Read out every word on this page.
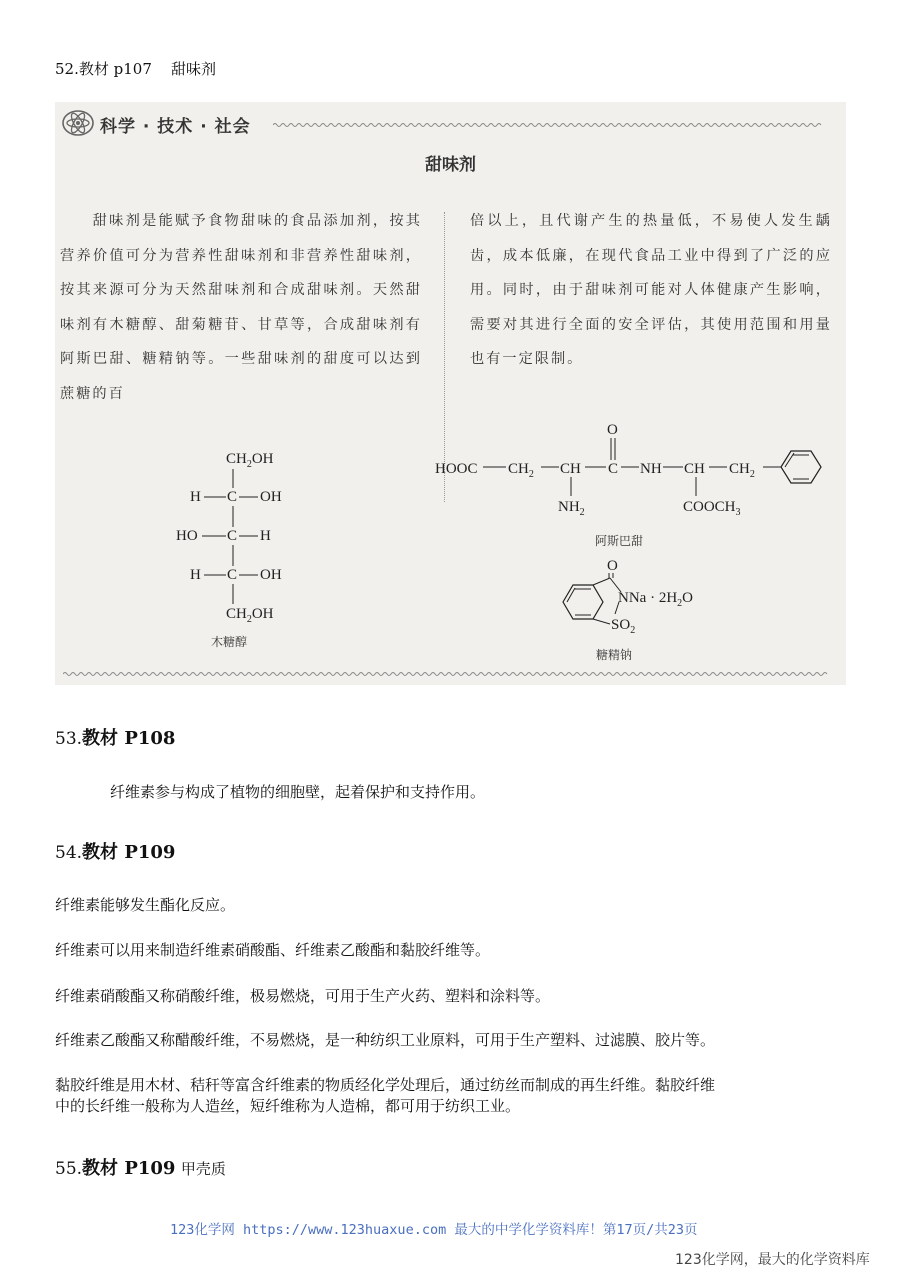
52.教材 p107 甜味剂
科学 · 技术 · 社会
甜味剂
甜味剂是能赋予食物甜味的食品添加剂，按其营养价值可分为营养性甜味剂和非营养性甜味剂，按其来源可分为天然甜味剂和合成甜味剂。天然甜味剂有木糖醇、甜菊糖苷、甘草等，合成甜味剂有阿斯巴甜、糖精钠等。一些甜味剂的甜度可以达到蔗糖的百
倍以上，且代谢产生的热量低，不易使人发生龋齿，成本低廉，在现代食品工业中得到了广泛的应用。同时，由于甜味剂可能对人体健康产生影响，需要对其进行全面的安全评估，其使用范围和用量也有一定限制。
$CH_2OH$
H C OH
HO C H
H C OH
$CH_2OH$
木糖醇
HOOC $CH_2$ CH
$NH_2$
C
O
NH CH
$COOCH_3$
$CH_2$
阿斯巴甜
O
NNa · $2H_2O$
$SO_2$
糖精钠
53.教材 P108
纤维素参与构成了植物的细胞壁，起着保护和支持作用。
54.教材 P109
纤维素能够发生酯化反应。
纤维素可以用来制造纤维素硝酸酯、纤维素乙酸酯和黏胶纤维等。
纤维素硝酸酯又称硝酸纤维，极易燃烧，可用于生产火药、塑料和涂料等。
纤维素乙酸酯又称醋酸纤维，不易燃烧，是一种纺织工业原料，可用于生产塑料、过滤膜、胶片等。
黏胶纤维是用木材、秸秆等富含纤维素的物质经化学处理后，通过纺丝而制成的再生纤维。黏胶纤维
中的长纤维一般称为人造丝，短纤维称为人造棉，都可用于纺织工业。
55.教材 P109 甲壳质
123化学网 https://www.123huaxue.com 最大的中学化学资料库！第17页/共23页
123化学网，最大的化学资料库
